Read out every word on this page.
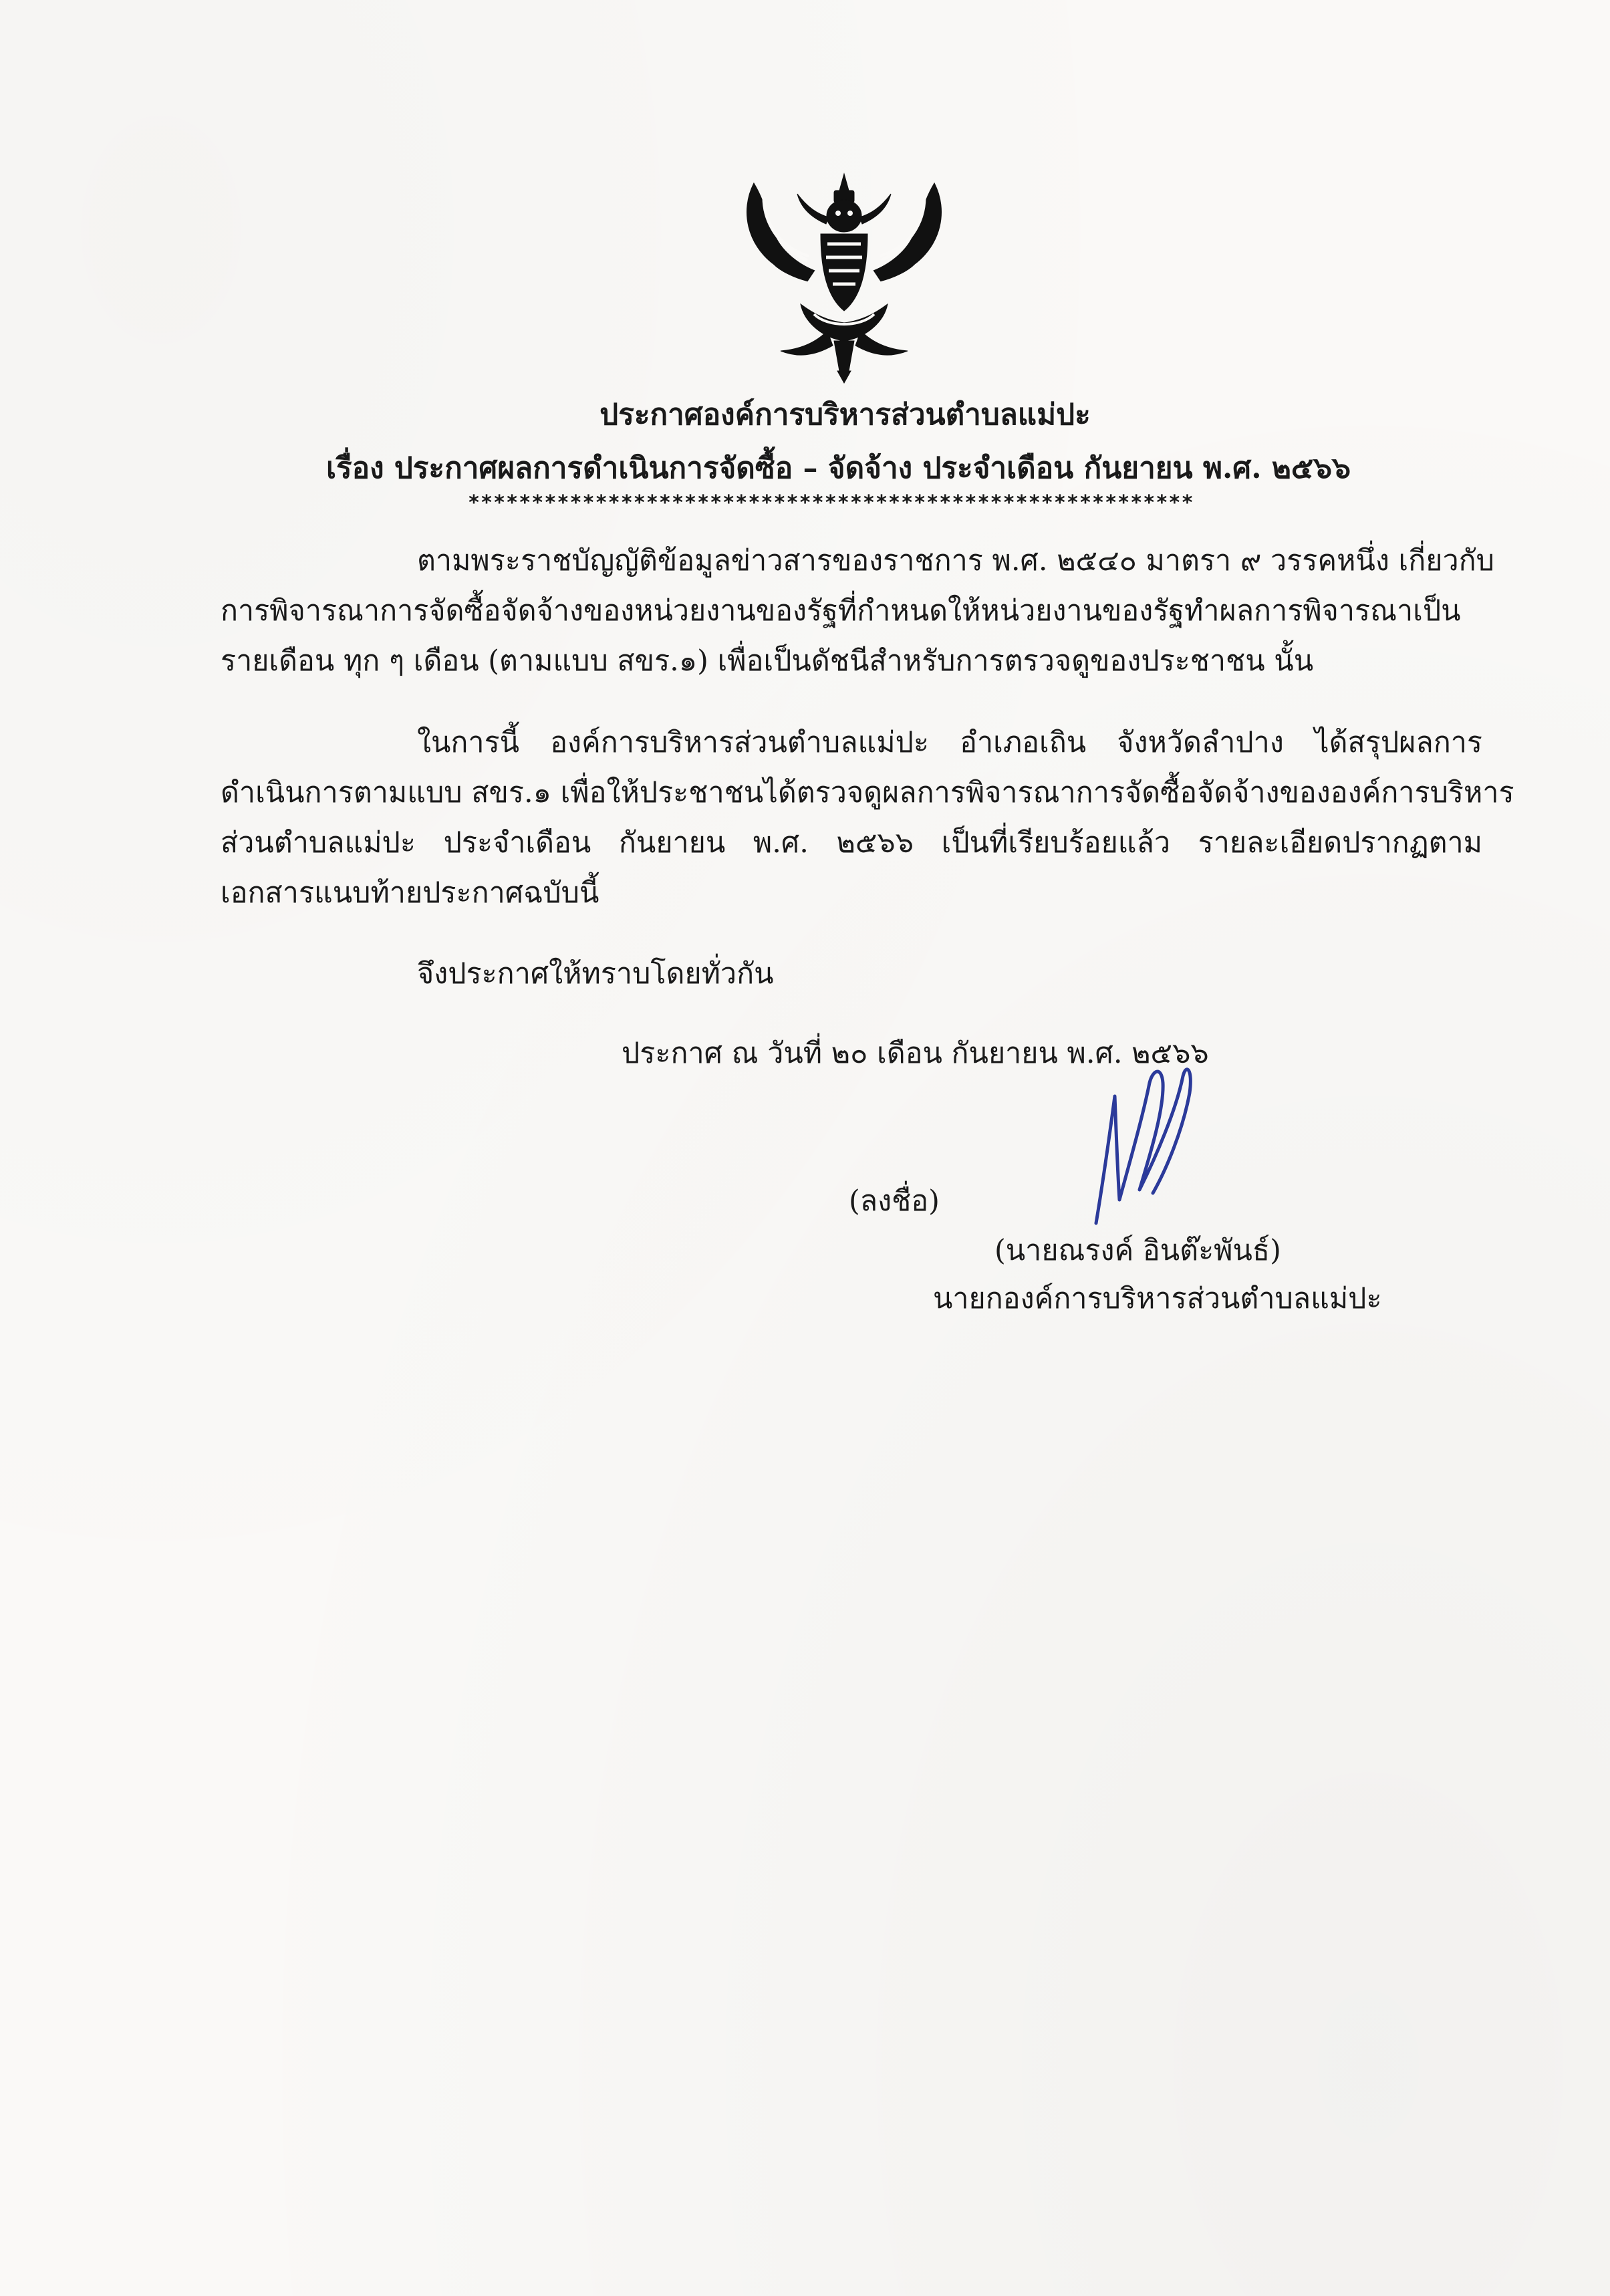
ประกาศองค์การบริหารส่วนตำบลแม่ปะ
เรื่อง ประกาศผลการดำเนินการจัดซื้อ – จัดจ้าง ประจำเดือน กันยายน พ.ศ. ๒๕๖๖
*********************************************************
ตามพระราชบัญญัติข้อมูลข่าวสารของราชการ พ.ศ. ๒๕๔๐ มาตรา ๙ วรรคหนึ่ง เกี่ยวกับ
การพิจารณาการจัดซื้อจัดจ้างของหน่วยงานของรัฐที่กำหนดให้หน่วยงานของรัฐทำผลการพิจารณาเป็น
รายเดือน ทุก ๆ เดือน (ตามแบบ สขร.๑) เพื่อเป็นดัชนีสำหรับการตรวจดูของประชาชน นั้น
ในการนี้ องค์การบริหารส่วนตำบลแม่ปะ อำเภอเถิน จังหวัดลำปาง ได้สรุปผลการ
ดำเนินการตามแบบ สขร.๑ เพื่อให้ประชาชนได้ตรวจดูผลการพิจารณาการจัดซื้อจัดจ้างขององค์การบริหาร
ส่วนตำบลแม่ปะ ประจำเดือน กันยายน พ.ศ. ๒๕๖๖ เป็นที่เรียบร้อยแล้ว รายละเอียดปรากฏตาม
เอกสารแนบท้ายประกาศฉบับนี้
จึงประกาศให้ทราบโดยทั่วกัน
ประกาศ ณ วันที่ ๒๐ เดือน กันยายน พ.ศ. ๒๕๖๖
(ลงชื่อ)
(นายณรงค์ อินต๊ะพันธ์)
นายกองค์การบริหารส่วนตำบลแม่ปะ
